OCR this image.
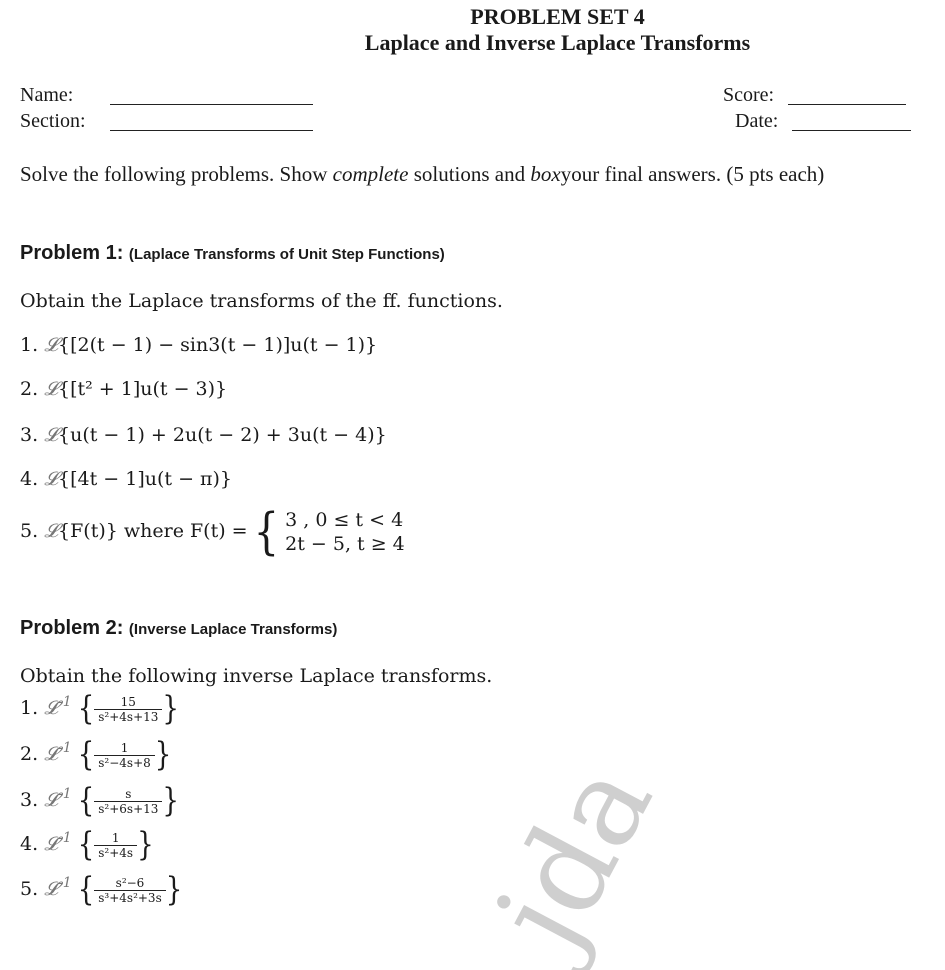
PROBLEM SET 4
Laplace and Inverse Laplace Transforms
Name:
Section:
Score:
Date:
Solve the following problems. Show complete solutions and boxyour final answers. (5 pts each)
Problem 1: (Laplace Transforms of Unit Step Functions)
Obtain the Laplace transforms of the ff. functions.
1. 𝓛{[2(t − 1) − sin3(t − 1)]u(t − 1)}
2. 𝓛{[t² + 1]u(t − 3)}
3. 𝓛{u(t − 1) + 2u(t − 2) + 3u(t − 4)}
4. 𝓛{[4t − 1]u(t − π)}
5. 𝓛{F(t)} where F(t) = { 3 , 0 ≤ t < 4
2t − 5, t ≥ 4
Problem 2: (Inverse Laplace Transforms)
Obtain the following inverse Laplace transforms.
1. 𝓛$^{-1}$ { $\frac{15}{\text{s²+4s+13}}$ }
2. 𝓛$^{-1}$ { $\frac{1}{\text{s²−4s+8}}$ }
3. 𝓛$^{-1}$ { $\frac{s}{\text{s²+6s+13}}$ }
4. 𝓛$^{-1}$ { $\frac{1}{\text{s²+4s}}$ }
5. 𝓛$^{-1}$ { $\frac{\text{s²−6}}{\text{s³+4s²+3s}}$ } jda
